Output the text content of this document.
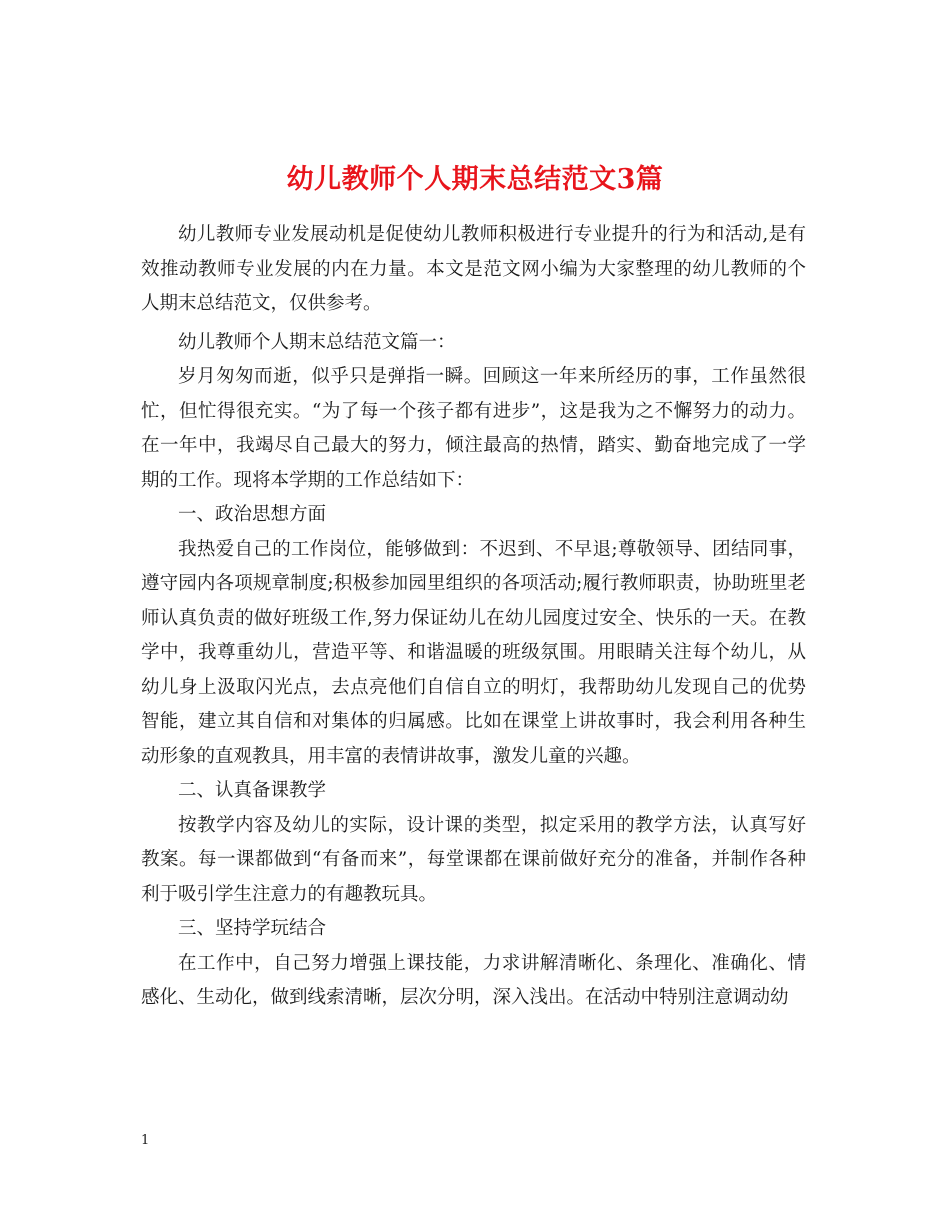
幼儿教师个人期末总结范文3篇

幼儿教师专业发展动机是促使幼儿教师积极进行专业提升的行为和活动,是有效推动教师专业发展的内在力量。本文是范文网小编为大家整理的幼儿教师的个人期末总结范文，仅供参考。

幼儿教师个人期末总结范文篇一：

岁月匆匆而逝，似乎只是弹指一瞬。回顾这一年来所经历的事，工作虽然很忙，但忙得很充实。“为了每一个孩子都有进步”，这是我为之不懈努力的动力。在一年中，我竭尽自己最大的努力，倾注最高的热情，踏实、勤奋地完成了一学期的工作。现将本学期的工作总结如下：

一、政治思想方面

我热爱自己的工作岗位，能够做到：不迟到、不早退;尊敬领导、团结同事，遵守园内各项规章制度;积极参加园里组织的各项活动;履行教师职责，协助班里老师认真负责的做好班级工作,努力保证幼儿在幼儿园度过安全、快乐的一天。在教学中，我尊重幼儿，营造平等、和谐温暖的班级氛围。用眼睛关注每个幼儿，从幼儿身上汲取闪光点，去点亮他们自信自立的明灯，我帮助幼儿发现自己的优势智能，建立其自信和对集体的归属感。比如在课堂上讲故事时，我会利用各种生动形象的直观教具，用丰富的表情讲故事，激发儿童的兴趣。

二、认真备课教学

按教学内容及幼儿的实际，设计课的类型，拟定采用的教学方法，认真写好教案。每一课都做到“有备而来”，每堂课都在课前做好充分的准备，并制作各种利于吸引学生注意力的有趣教玩具。

三、坚持学玩结合

在工作中，自己努力增强上课技能，力求讲解清晰化、条理化、准确化、情感化、生动化，做到线索清晰，层次分明，深入浅出。在活动中特别注意调动幼

1
